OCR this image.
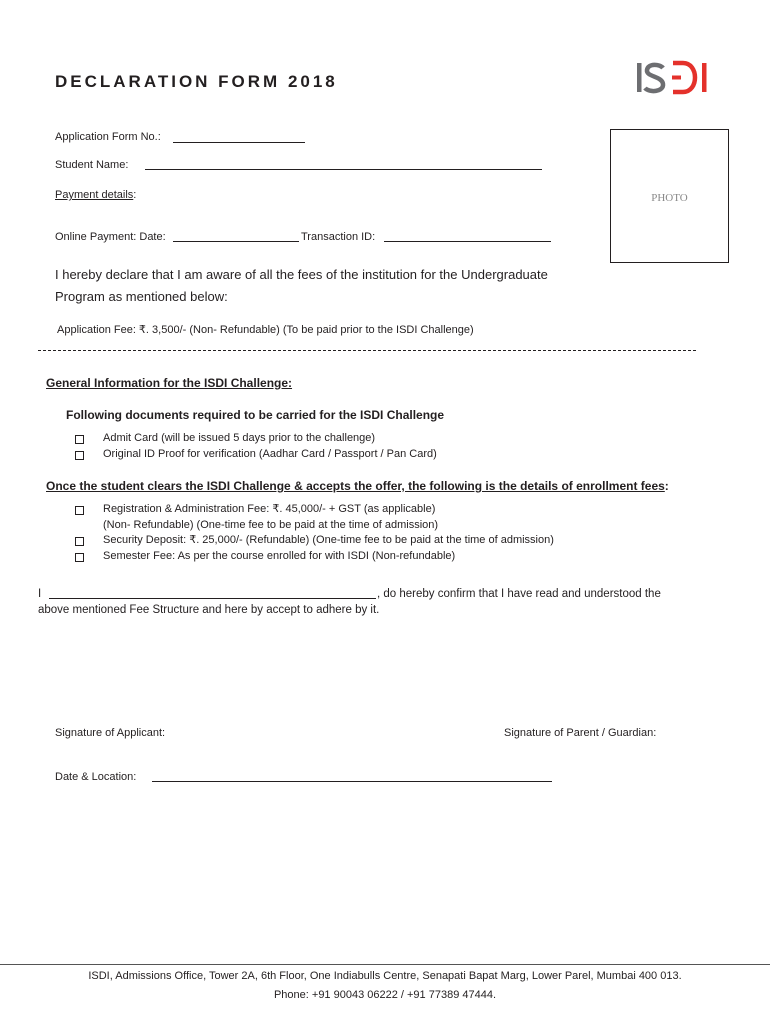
DECLARATION FORM 2018
Application Form No.:
Student Name:
Payment details:
Online Payment: Date:	Transaction ID:
PHOTO
I hereby declare that I am aware of all the fees of the institution for the Undergraduate
Program as mentioned below:
Application Fee: ₹. 3,500/- (Non- Refundable) (To be paid prior to the ISDI Challenge)
General Information for the ISDI Challenge:
Following documents required to be carried for the ISDI Challenge
Admit Card (will be issued 5 days prior to the challenge)
Original ID Proof for verification (Aadhar Card / Passport / Pan Card)
Once the student clears the ISDI Challenge & accepts the offer, the following is the details of enrollment fees:
Registration & Administration Fee: ₹. 45,000/- + GST (as applicable)
(Non- Refundable) (One-time fee to be paid at the time of admission)
Security Deposit: ₹. 25,000/- (Refundable) (One-time fee to be paid at the time of admission)
Semester Fee: As per the course enrolled for with ISDI (Non-refundable)
I	, do hereby confirm that I have read and understood the
above mentioned Fee Structure and here by accept to adhere by it.
Signature of Applicant:	Signature of Parent / Guardian:
Date & Location:
ISDI, Admissions Office, Tower 2A, 6th Floor, One Indiabulls Centre, Senapati Bapat Marg, Lower Parel, Mumbai 400 013.
Phone: +91 90043 06222 / +91 77389 47444.
